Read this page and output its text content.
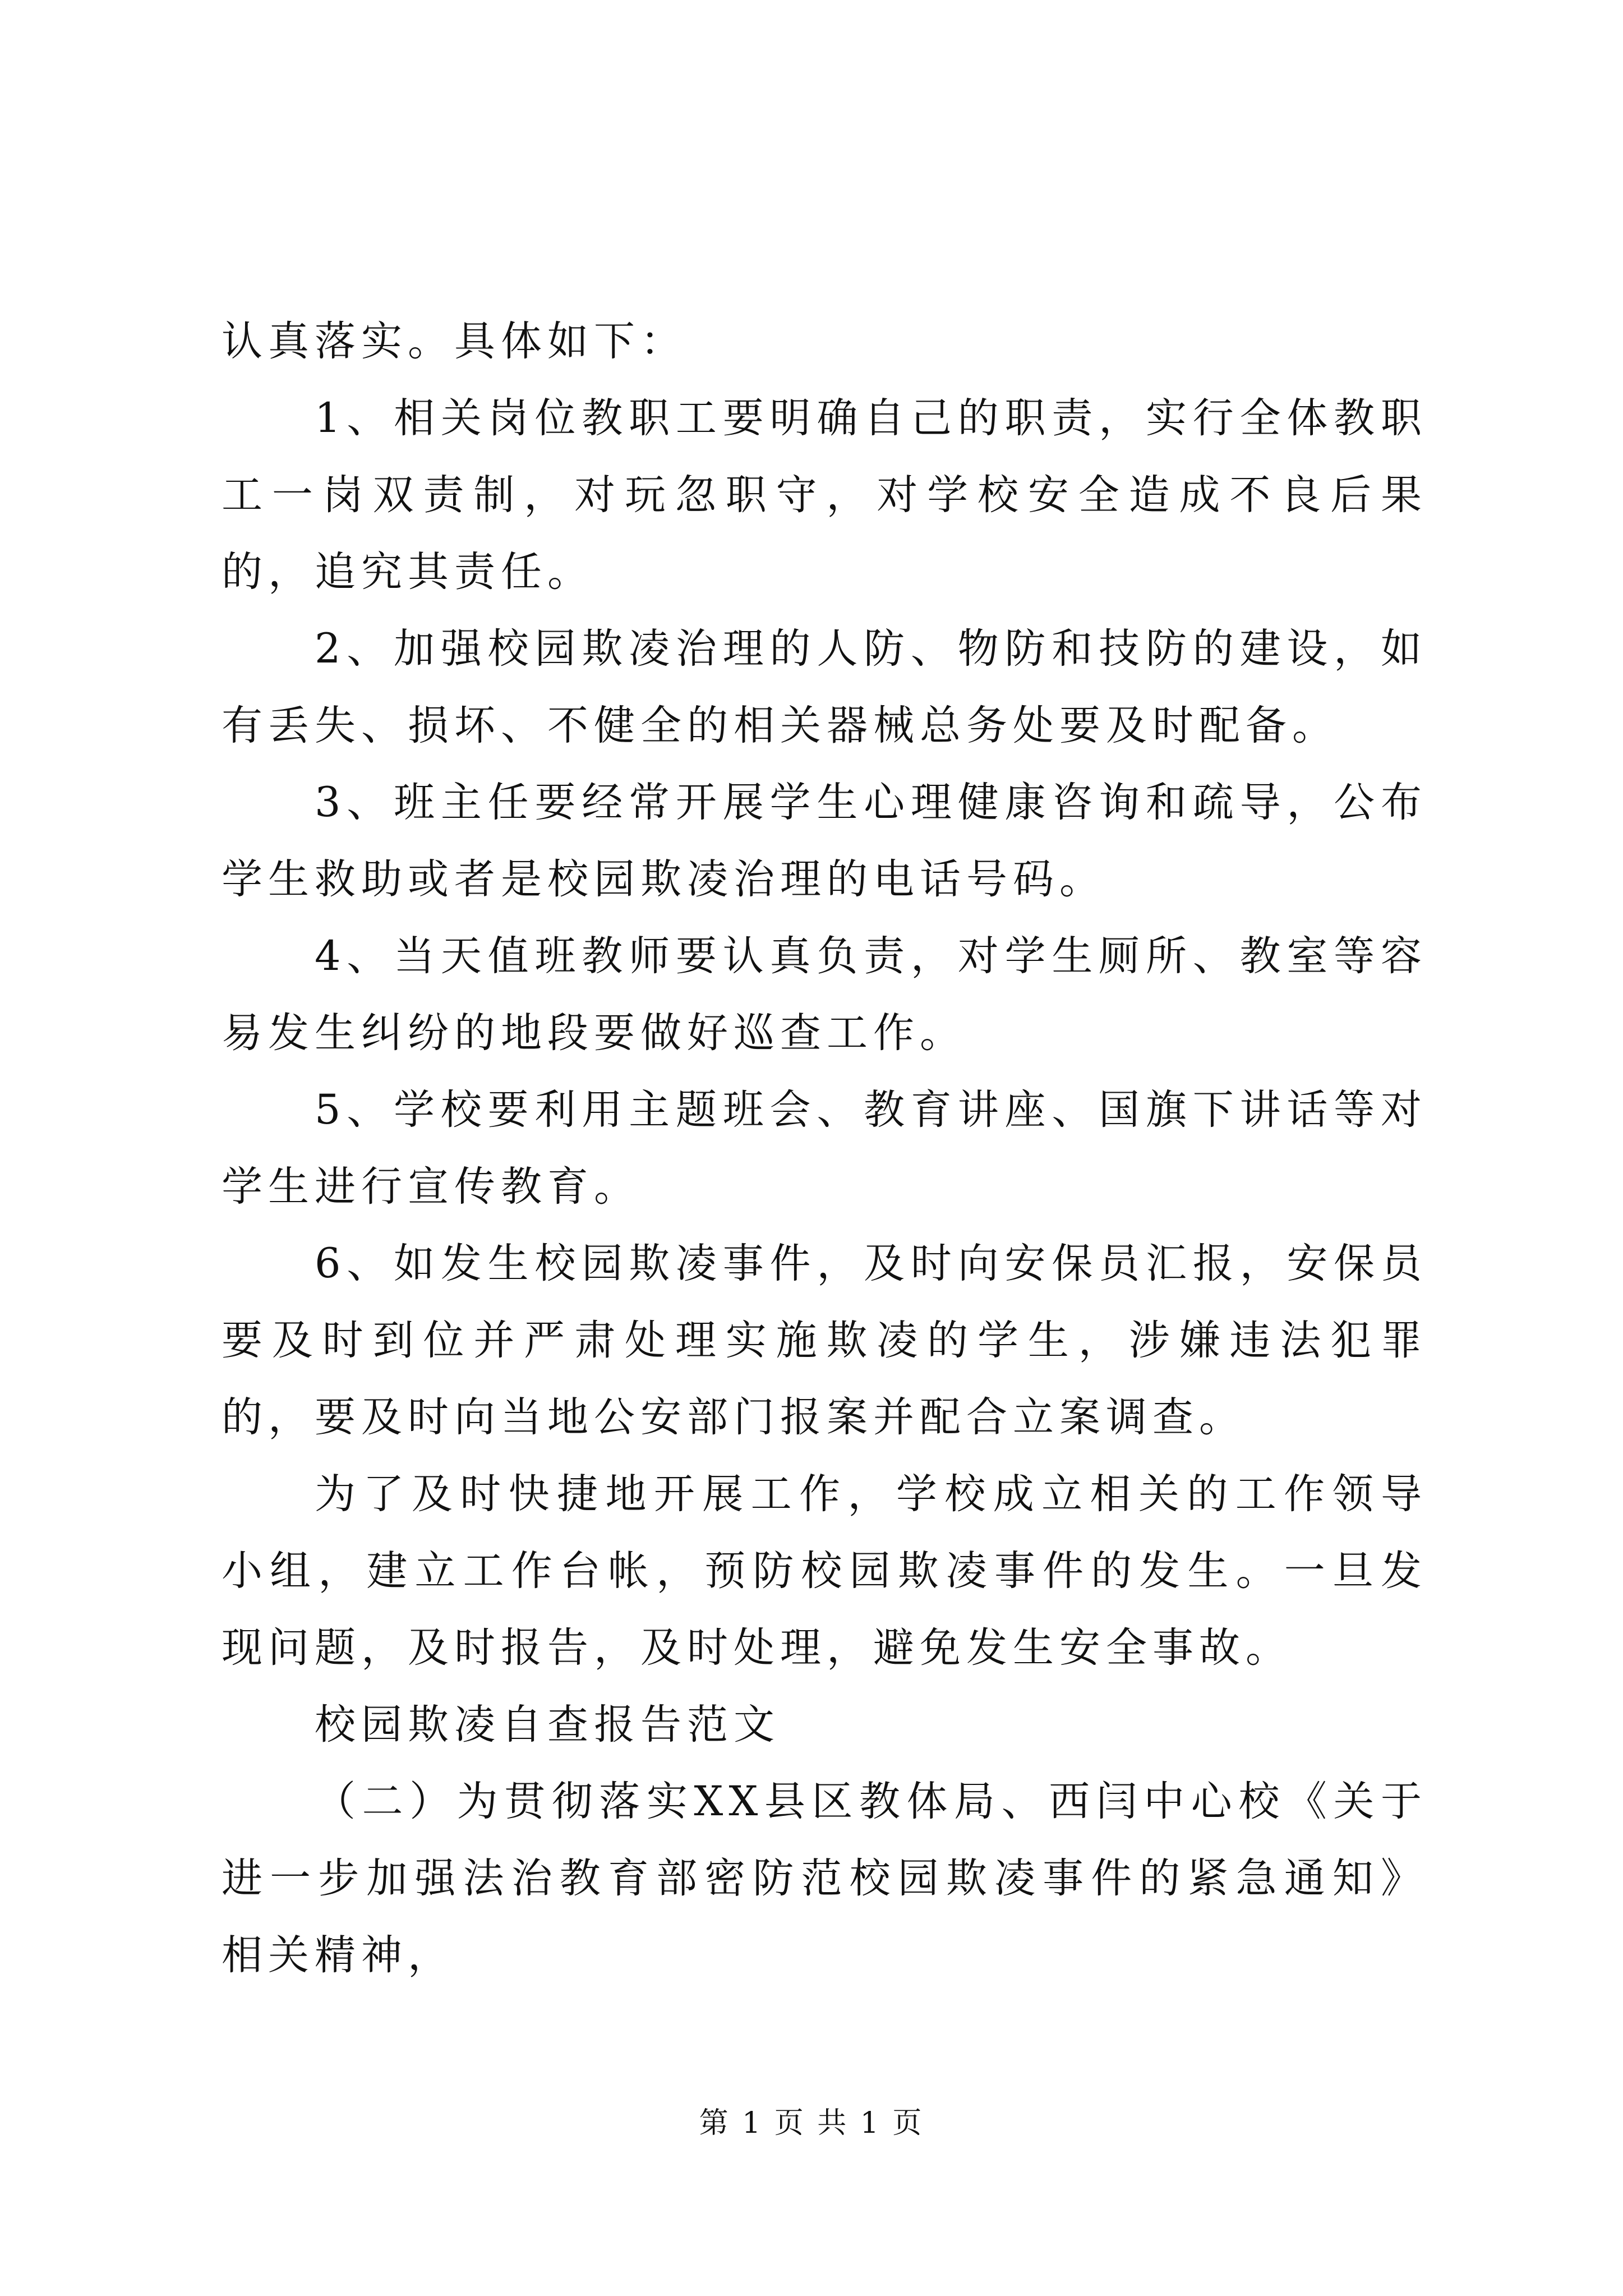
认真落实。具体如下：

1、相关岗位教职工要明确自己的职责，实行全体教职工一岗双责制，对玩忽职守，对学校安全造成不良后果的，追究其责任。

2、加强校园欺凌治理的人防、物防和技防的建设，如有丢失、损坏、不健全的相关器械总务处要及时配备。

3、班主任要经常开展学生心理健康咨询和疏导，公布学生救助或者是校园欺凌治理的电话号码。

4、当天值班教师要认真负责，对学生厕所、教室等容易发生纠纷的地段要做好巡查工作。

5、学校要利用主题班会、教育讲座、国旗下讲话等对学生进行宣传教育。

6、如发生校园欺凌事件，及时向安保员汇报，安保员要及时到位并严肃处理实施欺凌的学生，涉嫌违法犯罪的，要及时向当地公安部门报案并配合立案调查。

为了及时快捷地开展工作，学校成立相关的工作领导小组，建立工作台帐，预防校园欺凌事件的发生。一旦发现问题，及时报告，及时处理，避免发生安全事故。

校园欺凌自查报告范文

（二）为贯彻落实XX县区教体局、西闫中心校《关于进一步加强法治教育部密防范校园欺凌事件的紧急通知》相关精神，

第 1 页 共 1 页
